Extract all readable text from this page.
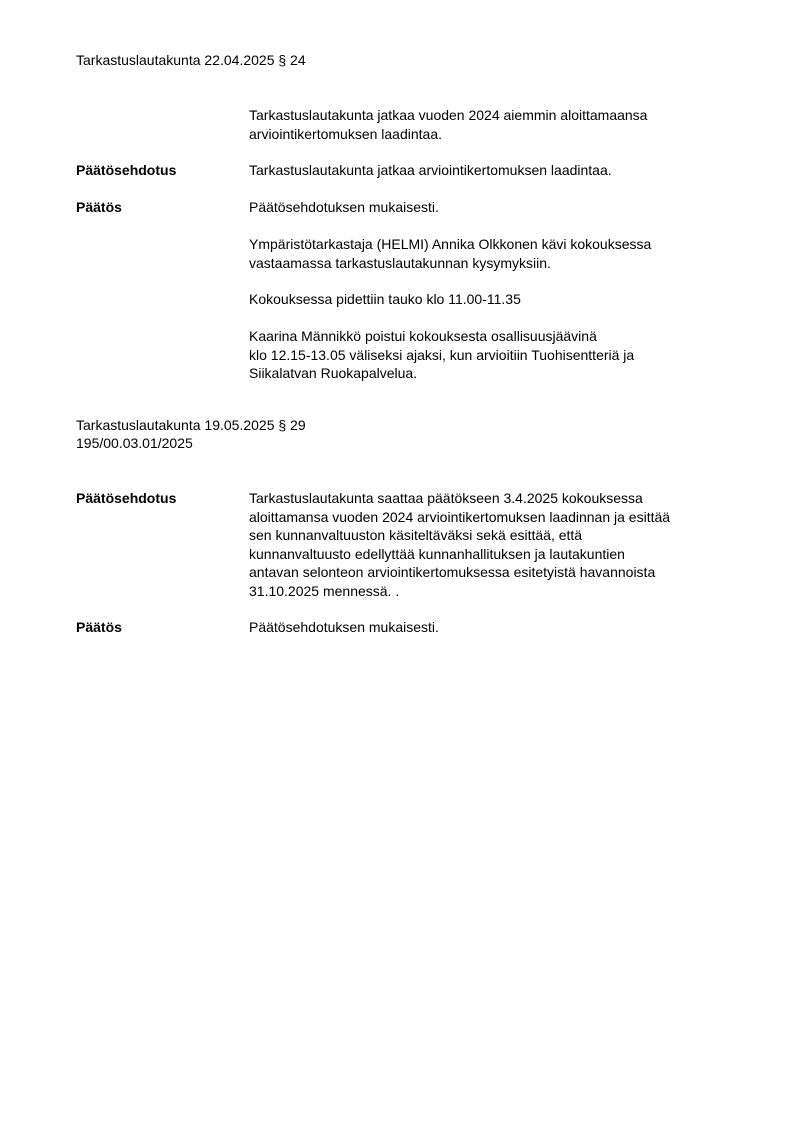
Tarkastuslautakunta 22.04.2025 § 24
Tarkastuslautakunta jatkaa vuoden 2024 aiemmin aloittamaansa
arviointikertomuksen laadintaa.
Päätösehdotus	Tarkastuslautakunta jatkaa arviointikertomuksen laadintaa.
Päätös	Päätösehdotuksen mukaisesti.
Ympäristötarkastaja (HELMI) Annika Olkkonen kävi kokouksessa
vastaamassa tarkastuslautakunnan kysymyksiin.
Kokouksessa pidettiin tauko klo 11.00-11.35
Kaarina Männikkö poistui kokouksesta osallisuusjäävinä
klo 12.15-13.05 väliseksi ajaksi, kun arvioitiin Tuohisentteriä ja
Siikalatvan Ruokapalvelua.
Tarkastuslautakunta 19.05.2025 § 29
195/00.03.01/2025
Päätösehdotus	Tarkastuslautakunta saattaa päätökseen 3.4.2025 kokouksessa
aloittamansa vuoden 2024 arviointikertomuksen laadinnan ja esittää
sen kunnanvaltuuston käsiteltäväksi sekä esittää, että
kunnanvaltuusto edellyttää kunnanhallituksen ja lautakuntien
antavan selonteon arviointikertomuksessa esitetyistä havannoista
31.10.2025 mennessä. .
Päätös	Päätösehdotuksen mukaisesti.
